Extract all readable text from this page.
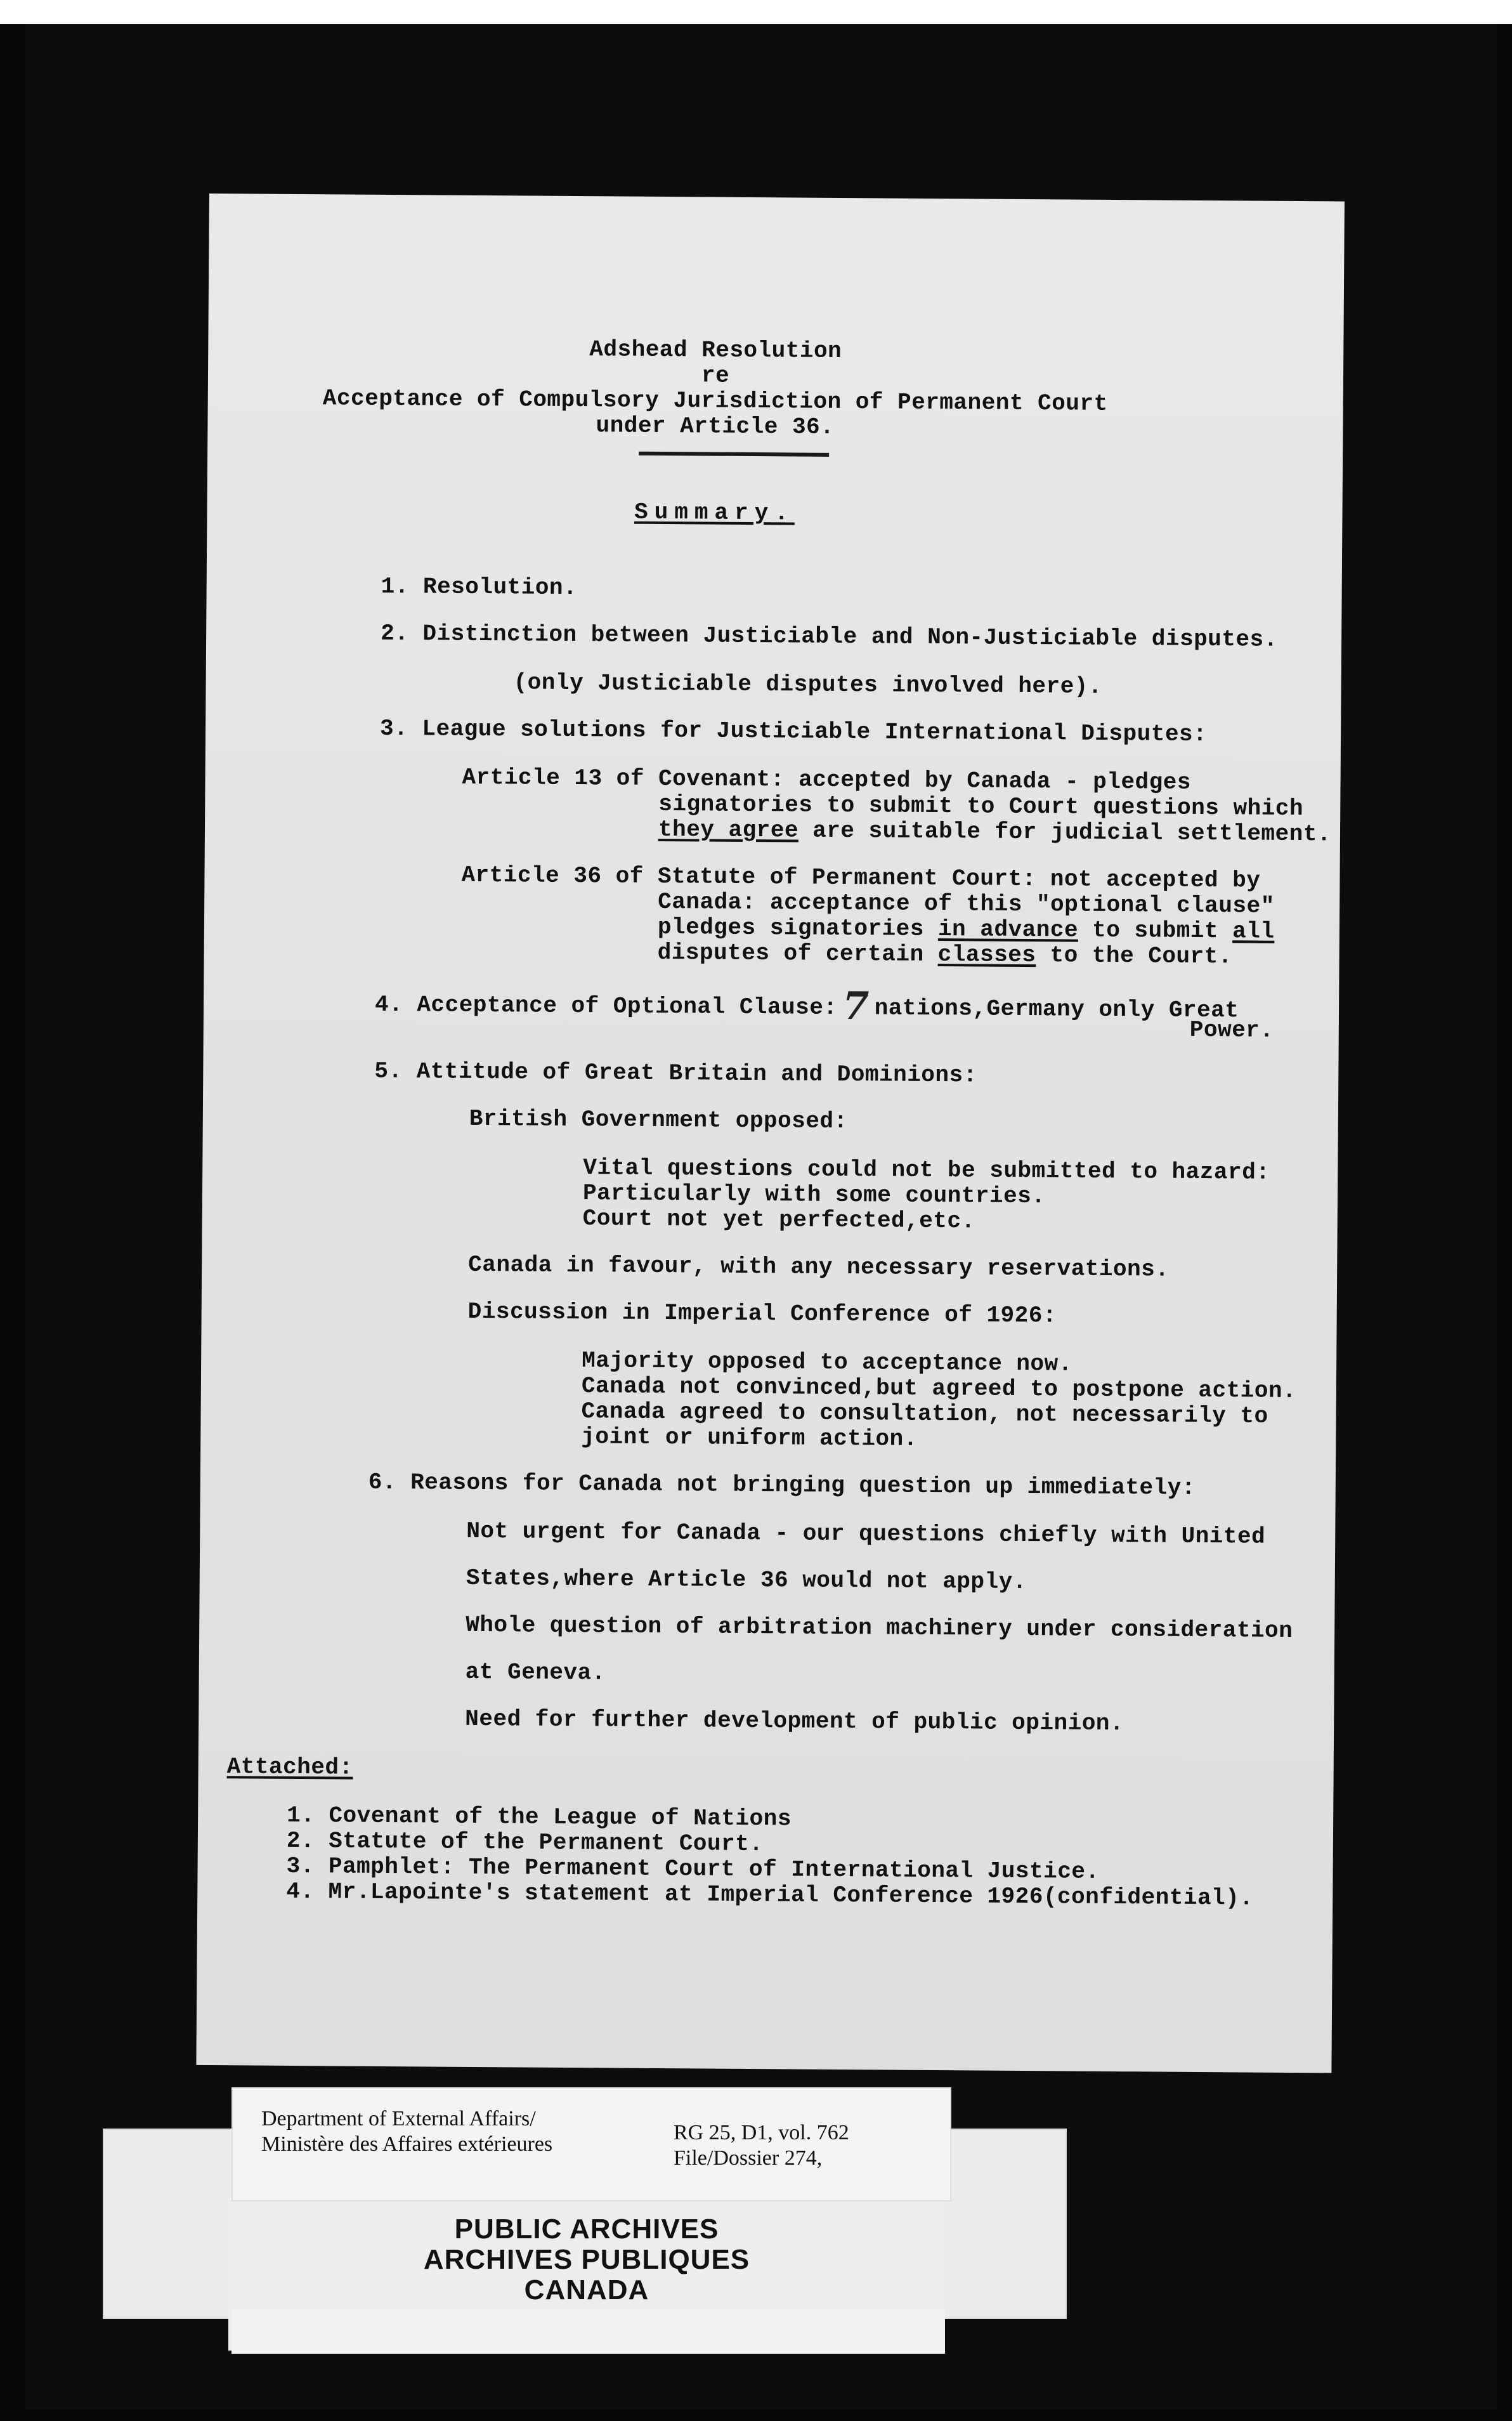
Adshead Resolution
re
Acceptance of Compulsory Jurisdiction of Permanent Court
under Article 36.
Summary.
1. Resolution.
2. Distinction between Justiciable and Non-Justiciable disputes.
(only Justiciable disputes involved here).
3. League solutions for Justiciable International Disputes:
Article 13 of Covenant: accepted by Canada - pledges
signatories to submit to Court questions which
they agree are suitable for judicial settlement.
Article 36 of Statute of Permanent Court: not accepted by
Canada: acceptance of this "optional clause"
pledges signatories in advance to submit all
disputes of certain classes to the Court.
4. Acceptance of Optional Clause: 7 nations,Germany only Great
Power.
5. Attitude of Great Britain and Dominions:
British Government opposed:
Vital questions could not be submitted to hazard:
Particularly with some countries.
Court not yet perfected,etc.
Canada in favour, with any necessary reservations.
Discussion in Imperial Conference of 1926:
Majority opposed to acceptance now.
Canada not convinced,but agreed to postpone action.
Canada agreed to consultation, not necessarily to
joint or uniform action.
6. Reasons for Canada not bringing question up immediately:
Not urgent for Canada - our questions chiefly with United
States,where Article 36 would not apply.
Whole question of arbitration machinery under consideration
at Geneva.
Need for further development of public opinion.
Attached:
1. Covenant of the League of Nations
2. Statute of the Permanent Court.
3. Pamphlet: The Permanent Court of International Justice.
4. Mr.Lapointe's statement at Imperial Conference 1926(confidential).
Department of External Affairs/
Ministère des Affaires extérieures	RG 25, D1, vol. 762
File/Dossier 274,
PUBLIC ARCHIVES
ARCHIVES PUBLIQUES
CANADA
